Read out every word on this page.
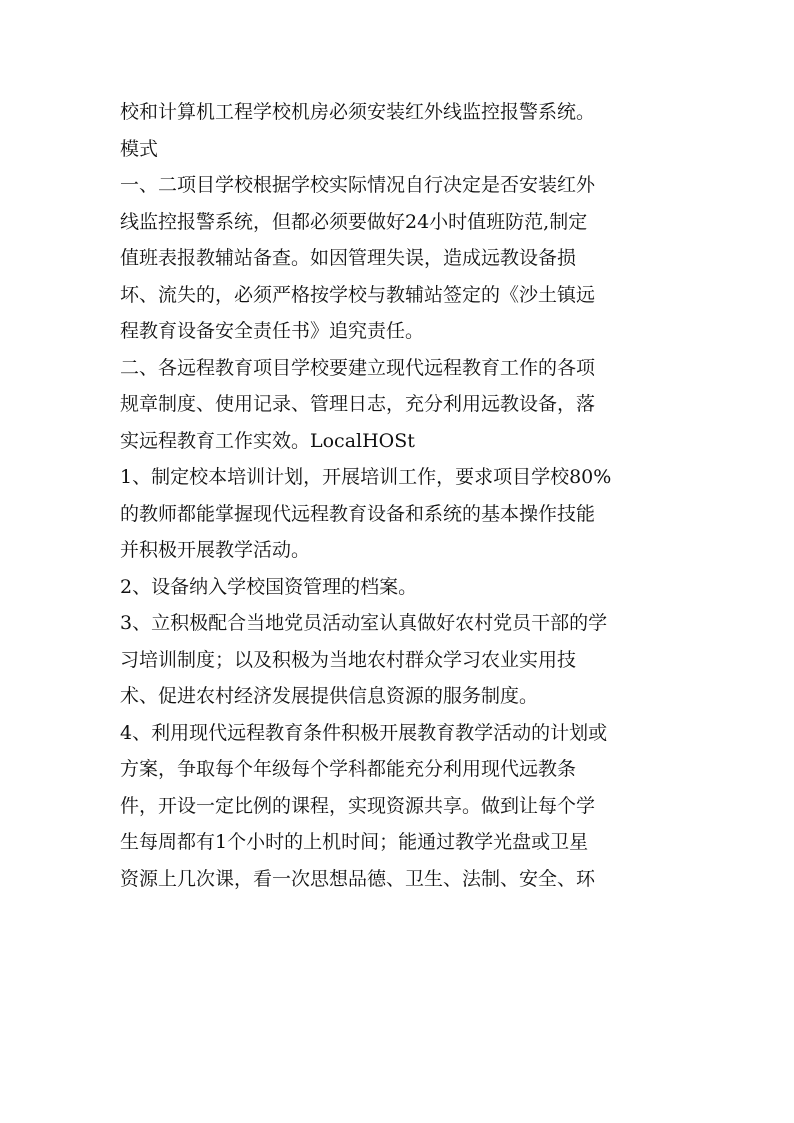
校和计算机工程学校机房必须安装红外线监控报警系统。
模式
一、二项目学校根据学校实际情况自行决定是否安装红外
线监控报警系统，但都必须要做好24小时值班防范,制定
值班表报教辅站备查。如因管理失误，造成远教设备损
坏、流失的，必须严格按学校与教辅站签定的《沙土镇远
程教育设备安全责任书》追究责任。
二、各远程教育项目学校要建立现代远程教育工作的各项
规章制度、使用记录、管理日志，充分利用远教设备，落
实远程教育工作实效。LocalHOSt
1、制定校本培训计划，开展培训工作，要求项目学校80%
的教师都能掌握现代远程教育设备和系统的基本操作技能
并积极开展教学活动。
2、设备纳入学校国资管理的档案。
3、立积极配合当地党员活动室认真做好农村党员干部的学
习培训制度；以及积极为当地农村群众学习农业实用技
术、促进农村经济发展提供信息资源的服务制度。
4、利用现代远程教育条件积极开展教育教学活动的计划或
方案，争取每个年级每个学科都能充分利用现代远教条
件，开设一定比例的课程，实现资源共享。做到让每个学
生每周都有1个小时的上机时间；能通过教学光盘或卫星
资源上几次课，看一次思想品德、卫生、法制、安全、环
